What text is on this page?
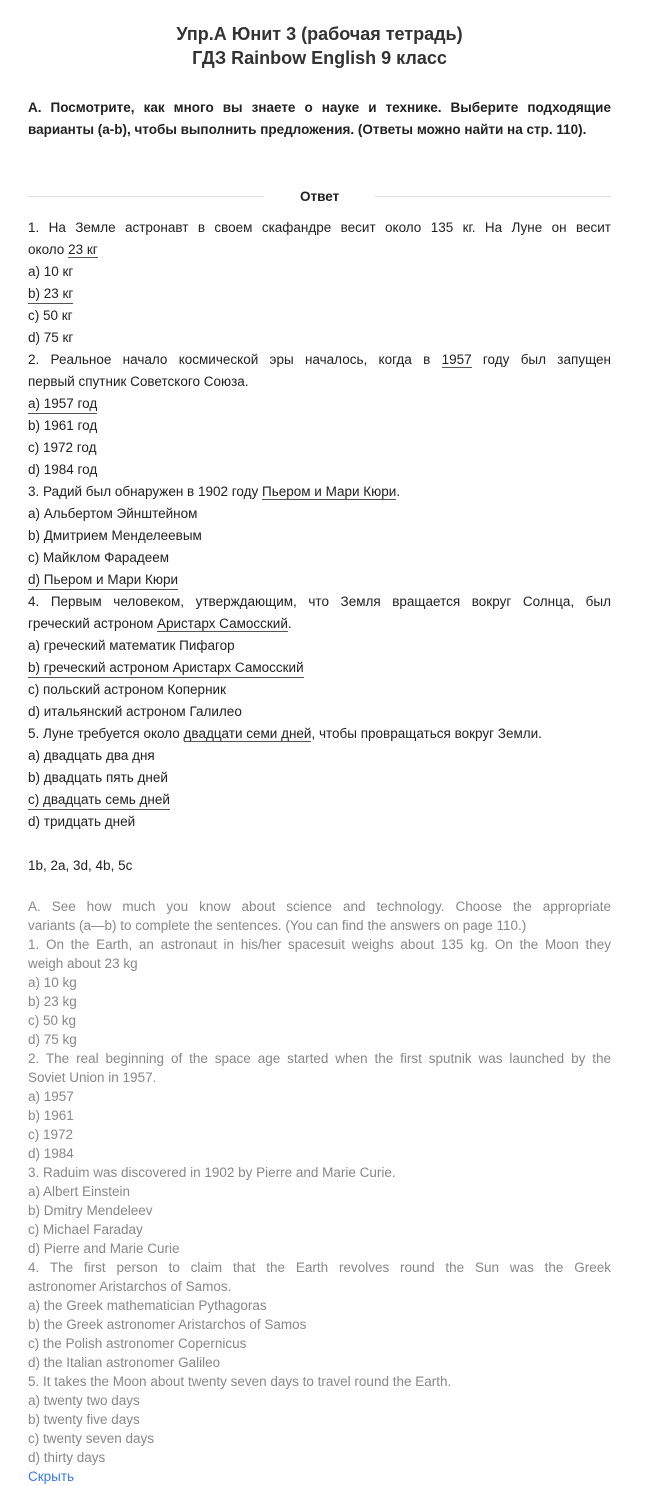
Упр.А Юнит 3 (рабочая тетрадь)
ГДЗ Rainbow English 9 класс
A. Посмотрите, как много вы знаете о науке и технике. Выберите подходящие варианты (a-b), чтобы выполнить предложения. (Ответы можно найти на стр. 110).
Ответ
1. На Земле астронавт в своем скафандре весит около 135 кг. На Луне он весит
около 23 кг
a) 10 кг
b) 23 кг
c) 50 кг
d) 75 кг
2. Реальное начало космической эры началось, когда в 1957 году был запущен
первый спутник Советского Союза.
a) 1957 год
b) 1961 год
c) 1972 год
d) 1984 год
3. Радий был обнаружен в 1902 году Пьером и Мари Кюри.
a) Альбертом Эйнштейном
b) Дмитрием Менделеевым
c) Майклом Фарадеем
d) Пьером и Мари Кюри
4. Первым человеком, утверждающим, что Земля вращается вокруг Солнца, был
греческий астроном Аристарх Самосский.
a) греческий математик Пифагор
b) греческий астроном Аристарх Самосский
c) польский астроном Коперник
d) итальянский астроном Галилео
5. Луне требуется около двадцати семи дней, чтобы провращаться вокруг Земли.
a) двадцать два дня
b) двадцать пять дней
c) двадцать семь дней
d) тридцать дней
1b, 2a, 3d, 4b, 5c
A. See how much you know about science and technology. Choose the appropriate
variants (a—b) to complete the sentences. (You can find the answers on page 110.)
1. On the Earth, an astronaut in his/her spacesuit weighs about 135 kg. On the Moon they
weigh about 23 kg
a) 10 kg
b) 23 kg
c) 50 kg
d) 75 kg
2. The real beginning of the space age started when the first sputnik was launched by the
Soviet Union in 1957.
a) 1957
b) 1961
c) 1972
d) 1984
3. Raduim was discovered in 1902 by Pierre and Marie Curie.
a) Albert Einstein
b) Dmitry Mendeleev
c) Michael Faraday
d) Pierre and Marie Curie
4. The first person to claim that the Earth revolves round the Sun was the Greek
astronomer Aristarchos of Samos.
a) the Greek mathematician Pythagoras
b) the Greek astronomer Aristarchos of Samos
c) the Polish astronomer Copernicus
d) the Italian astronomer Galileo
5. It takes the Moon about twenty seven days to travel round the Earth.
a) twenty two days
b) twenty five days
c) twenty seven days
d) thirty days
Скрыть
